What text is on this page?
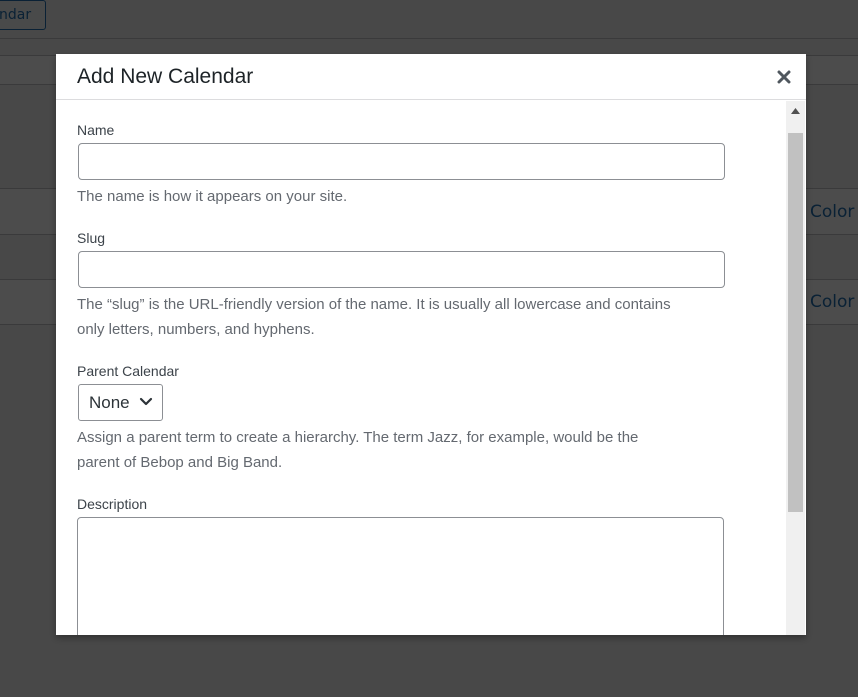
Add New Calendar
Name
The name is how it appears on your site.
Slug
The “slug” is the URL-friendly version of the name. It is usually all lowercase and contains
only letters, numbers, and hyphens.
Parent Calendar
None
Assign a parent term to create a hierarchy. The term Jazz, for example, would be the
parent of Bebop and Big Band.
Description
